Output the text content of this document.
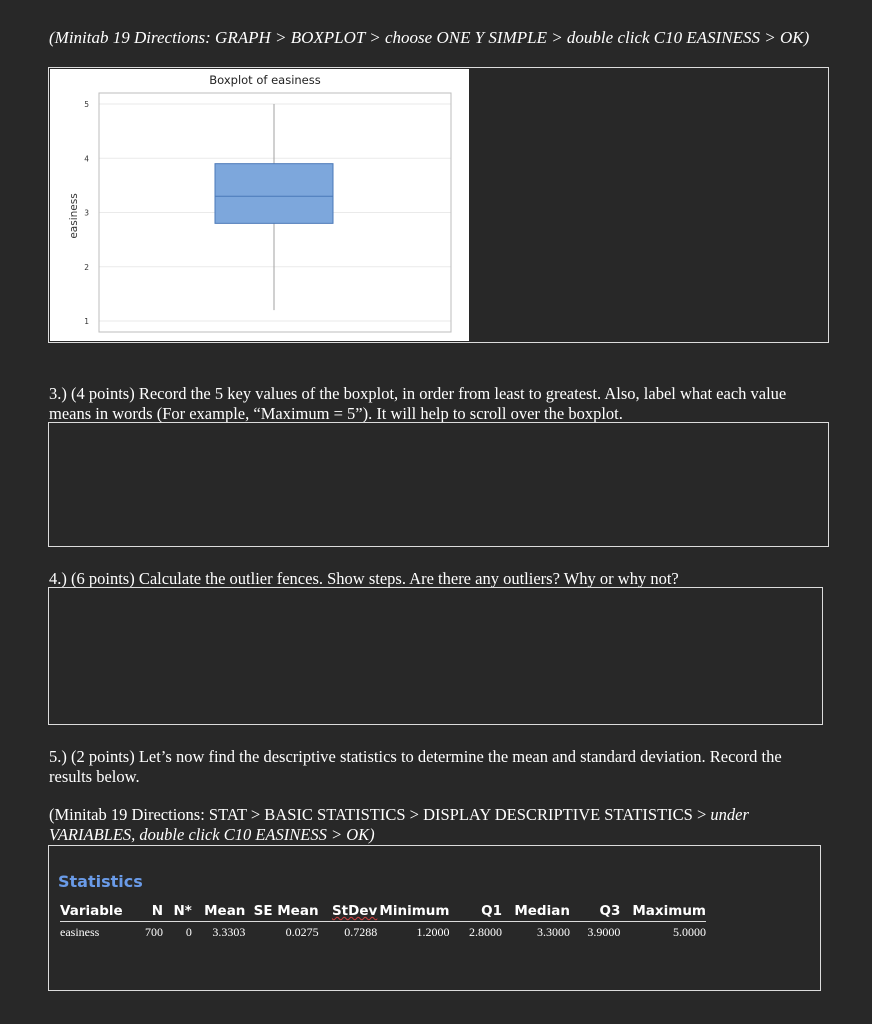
(Minitab 19 Directions: GRAPH > BOXPLOT > choose ONE Y SIMPLE > double click C10 EASINESS > OK)
Boxplot of easiness
easiness
1
2
3
4
5
3.) (4 points) Record the 5 key values of the boxplot, in order from least to greatest. Also, label what each value
means in words (For example, “Maximum = 5”). It will help to scroll over the boxplot.
4.) (6 points) Calculate the outlier fences. Show steps. Are there any outliers? Why or why not?
5.) (2 points) Let’s now find the descriptive statistics to determine the mean and standard deviation. Record the
results below.
(Minitab 19 Directions: STAT > BASIC STATISTICS > DISPLAY DESCRIPTIVE STATISTICS > under
VARIABLES, double click C10 EASINESS > OK)
Statistics
Variable	N	N*	Mean	SE Mean	StDev	Minimum	Q1	Median	Q3	Maximum
easiness	700	0	3.3303	0.0275	0.7288	1.2000	2.8000	3.3000	3.9000	5.0000
